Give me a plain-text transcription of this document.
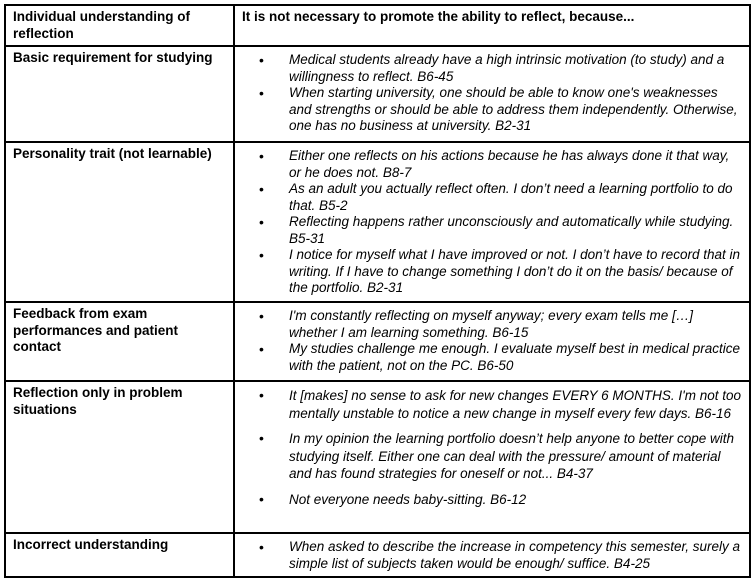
Individual understanding of reflection	It is not necessary to promote the ability to reflect, because...
Basic requirement for studying	
•Medical students already have a high intrinsic motivation (to study) and a willingness to reflect. B6-45
• When starting university, one should be able to know one's weaknesses and strengths or should be able to address them independently. Otherwise, one has no business at university. B2-31

Personality trait (not learnable)	
•Either one reflects on his actions because he has always done it that way, or he does not. B8-7
• As an adult you actually reflect often. I don’t need a learning portfolio to do that. B5-2
• Reflecting happens rather unconsciously and automatically while studying. B5-31
• I notice for myself what I have improved or not. I don’t have to record that in writing. If I have to change something I don’t do it on the basis/ because of the portfolio. B2-31

Feedback from exam performances and patient contact	
• I'm constantly reflecting on myself anyway; every exam tells me […] whether I am learning something. B6-15
• My studies challenge me enough. I evaluate myself best in medical practice with the patient, not on the PC. B6-50

Reflection only in problem situations	
• It [makes] no sense to ask for new changes EVERY 6 MONTHS. I'm not too mentally unstable to notice a new change in myself every few days. B6-16
• In my opinion the learning portfolio doesn’t help anyone to better cope with studying itself. Either one can deal with the pressure/ amount of material and has found strategies for oneself or not... B4-37
• Not everyone needs baby-sitting. B6-12

Incorrect understanding	
•When asked to describe the increase in competency this semester, surely a simple list of subjects taken would be enough/ suffice. B4-25
